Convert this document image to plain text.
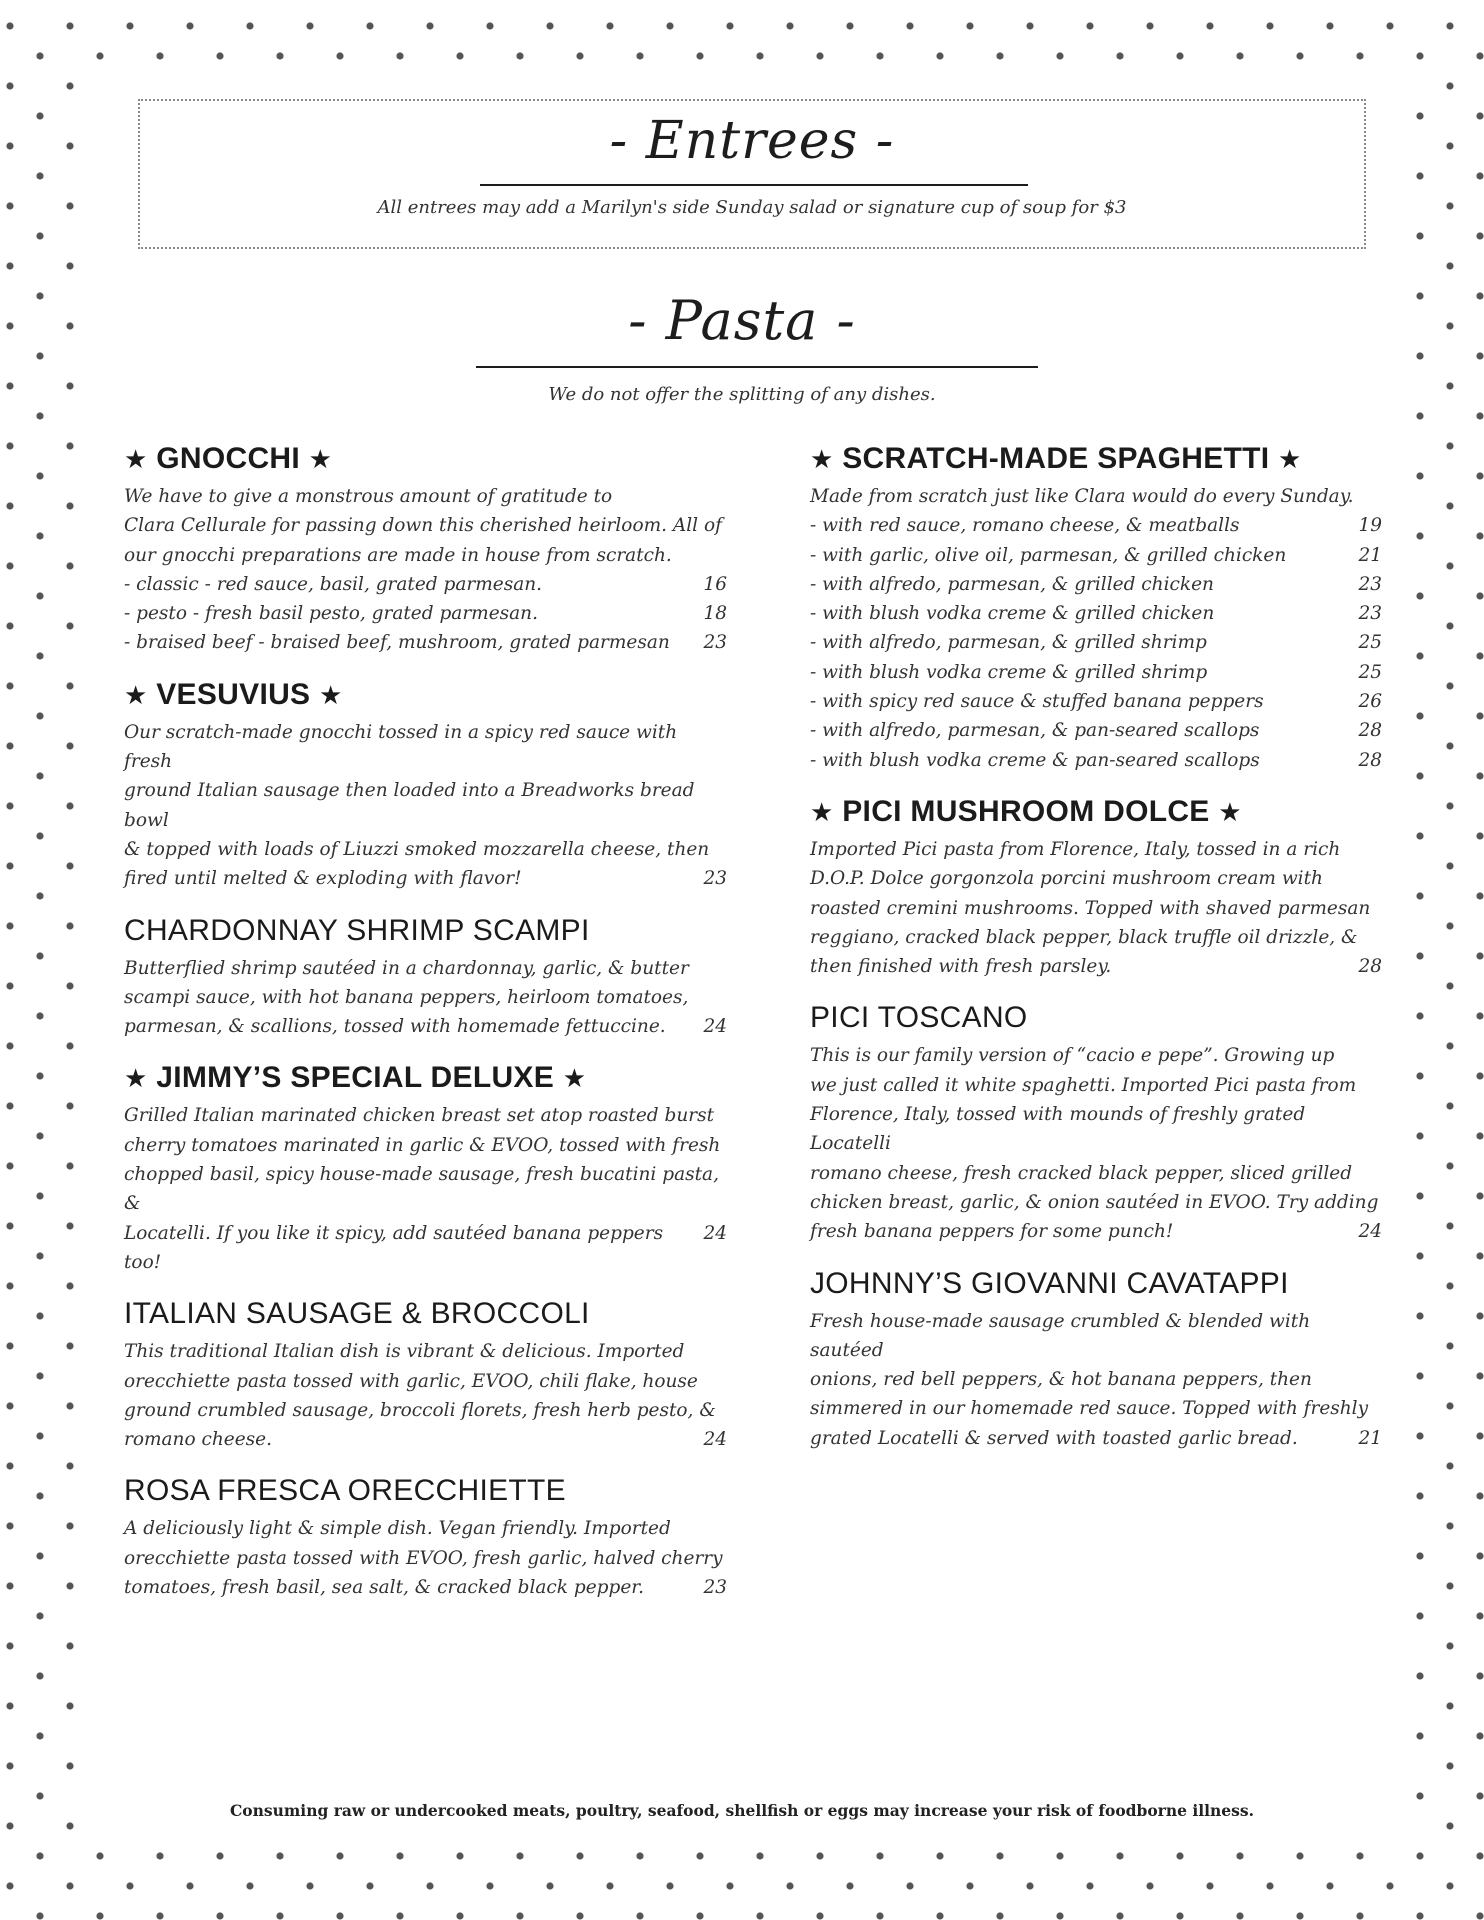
- Entrees -
All entrees may add a Marilyn's side Sunday salad or signature cup of soup for $3
- Pasta -
We do not offer the splitting of any dishes.
★ GNOCCHI ★
We have to give a monstrous amount of gratitude to
Clara Cellurale for passing down this cherished heirloom. All of
our gnocchi preparations are made in house from scratch.
- classic - red sauce, basil, grated parmesan.	16
- pesto - fresh basil pesto, grated parmesan.	18
- braised beef - braised beef, mushroom, grated parmesan 23
★ VESUVIUS ★
Our scratch-made gnocchi tossed in a spicy red sauce with fresh
ground Italian sausage then loaded into a Breadworks bread bowl
& topped with loads of Liuzzi smoked mozzarella cheese, then
fired until melted & exploding with flavor!	23
CHARDONNAY SHRIMP SCAMPI
Butterflied shrimp sautéed in a chardonnay, garlic, & butter
scampi sauce, with hot banana peppers, heirloom tomatoes,
parmesan, & scallions, tossed with homemade fettuccine. 24
★ JIMMY’S SPECIAL DELUXE ★
Grilled Italian marinated chicken breast set atop roasted burst
cherry tomatoes marinated in garlic & EVOO, tossed with fresh
chopped basil, spicy house-made sausage, fresh bucatini pasta, &
Locatelli. If you like it spicy, add sautéed banana peppers too!
24
ITALIAN SAUSAGE & BROCCOLI
This traditional Italian dish is vibrant & delicious. Imported
orecchiette pasta tossed with garlic, EVOO, chili flake, house
ground crumbled sausage, broccoli florets, fresh herb pesto, &
romano cheese.	24
ROSA FRESCA ORECCHIETTE
A deliciously light & simple dish. Vegan friendly. Imported
orecchiette pasta tossed with EVOO, fresh garlic, halved cherry
tomatoes, fresh basil, sea salt, & cracked black pepper.	23
★ SCRATCH-MADE SPAGHETTI ★
Made from scratch just like Clara would do every Sunday.
- with red sauce, romano cheese, & meatballs	19
- with garlic, olive oil, parmesan, & grilled chicken	21
- with alfredo, parmesan, & grilled chicken	23
- with blush vodka creme & grilled chicken	23
- with alfredo, parmesan, & grilled shrimp	25
- with blush vodka creme & grilled shrimp	25
- with spicy red sauce & stuffed banana peppers	26
- with alfredo, parmesan, & pan-seared scallops	28
- with blush vodka creme & pan-seared scallops	28
★ PICI MUSHROOM DOLCE ★
Imported Pici pasta from Florence, Italy, tossed in a rich
D.O.P. Dolce gorgonzola porcini mushroom cream with
roasted cremini mushrooms. Topped with shaved parmesan
reggiano, cracked black pepper, black truffle oil drizzle, &
then finished with fresh parsley.	28
PICI TOSCANO
This is our family version of “cacio e pepe”. Growing up
we just called it white spaghetti. Imported Pici pasta from
Florence, Italy, tossed with mounds of freshly grated Locatelli
romano cheese, fresh cracked black pepper, sliced grilled
chicken breast, garlic, & onion sautéed in EVOO. Try adding
fresh banana peppers for some punch!	24
JOHNNY’S GIOVANNI CAVATAPPI
Fresh house-made sausage crumbled & blended with sautéed
onions, red bell peppers, & hot banana peppers, then
simmered in our homemade red sauce. Topped with freshly
grated Locatelli & served with toasted garlic bread.	21
Consuming raw or undercooked meats, poultry, seafood, shellfish or eggs may increase your risk of foodborne illness.
